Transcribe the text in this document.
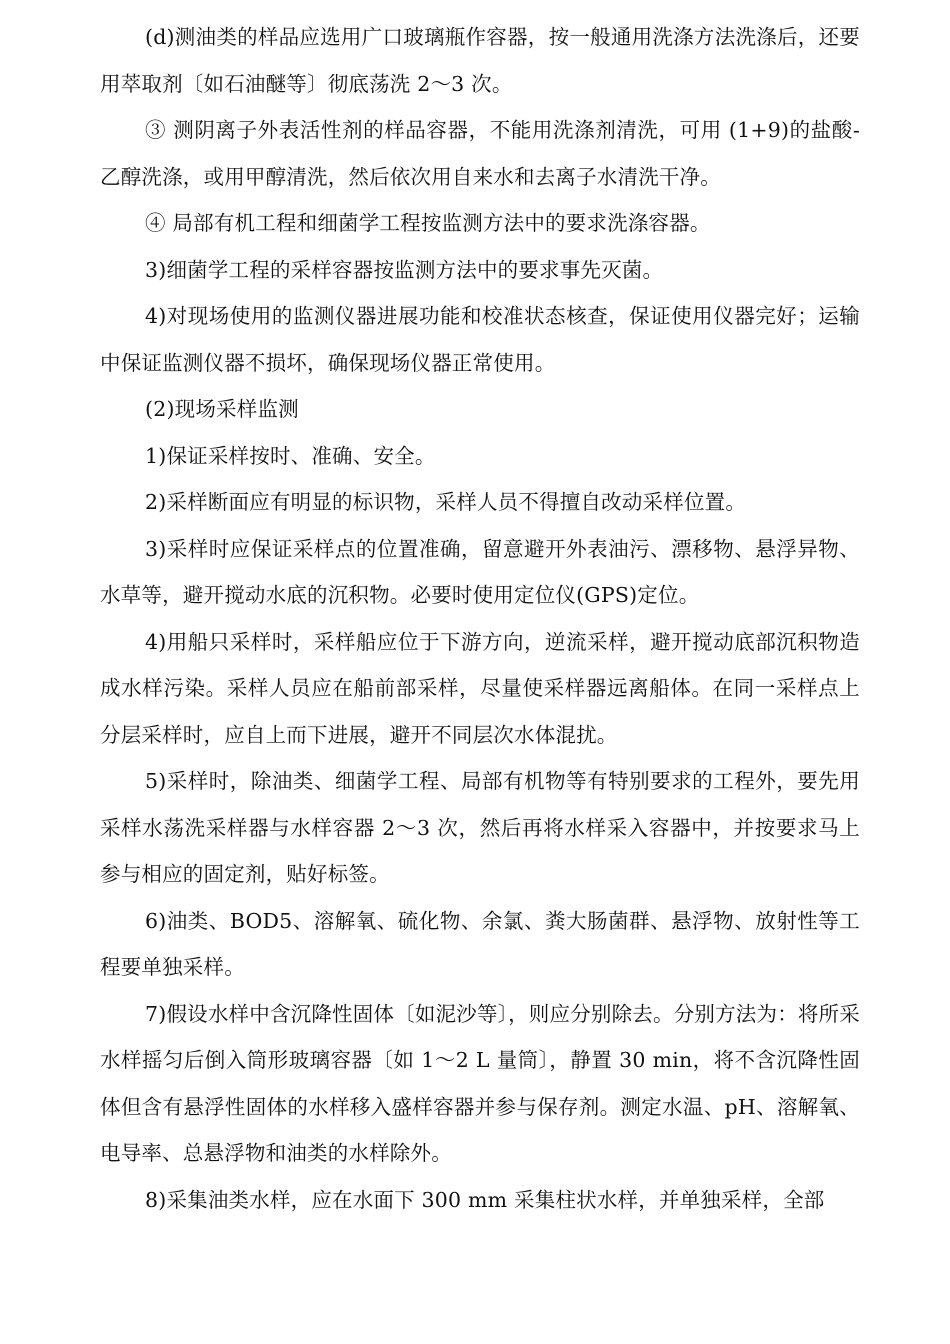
(d)测油类的样品应选用广口玻璃瓶作容器，按一般通用洗涤方法洗涤后，还要用萃取剂〔如石油醚等〕彻底荡洗 2～3 次。

③ 测阴离子外表活性剂的样品容器，不能用洗涤剂清洗，可用 (1+9)的盐酸-乙醇洗涤，或用甲醇清洗，然后依次用自来水和去离子水清洗干净。

④ 局部有机工程和细菌学工程按监测方法中的要求洗涤容器。

3)细菌学工程的采样容器按监测方法中的要求事先灭菌。

4)对现场使用的监测仪器进展功能和校准状态核查，保证使用仪器完好；运输中保证监测仪器不损坏，确保现场仪器正常使用。

(2)现场采样监测

1)保证采样按时、准确、安全。

2)采样断面应有明显的标识物，采样人员不得擅自改动采样位置。

3)采样时应保证采样点的位置准确，留意避开外表油污、漂移物、悬浮异物、水草等，避开搅动水底的沉积物。必要时使用定位仪(GPS)定位。

4)用船只采样时，采样船应位于下游方向，逆流采样，避开搅动底部沉积物造成水样污染。采样人员应在船前部采样，尽量使采样器远离船体。在同一采样点上分层采样时，应自上而下进展，避开不同层次水体混扰。

5)采样时，除油类、细菌学工程、局部有机物等有特别要求的工程外，要先用采样水荡洗采样器与水样容器 2～3 次，然后再将水样采入容器中，并按要求马上参与相应的固定剂，贴好标签。

6)油类、BOD5、溶解氧、硫化物、余氯、粪大肠菌群、悬浮物、放射性等工程要单独采样。

7)假设水样中含沉降性固体〔如泥沙等〕，则应分别除去。分别方法为：将所采水样摇匀后倒入筒形玻璃容器〔如 1～2 L 量筒〕，静置 30 min，将不含沉降性固体但含有悬浮性固体的水样移入盛样容器并参与保存剂。测定水温、pH、溶解氧、电导率、总悬浮物和油类的水样除外。

8)采集油类水样，应在水面下 300 mm 采集柱状水样，并单独采样，全部
